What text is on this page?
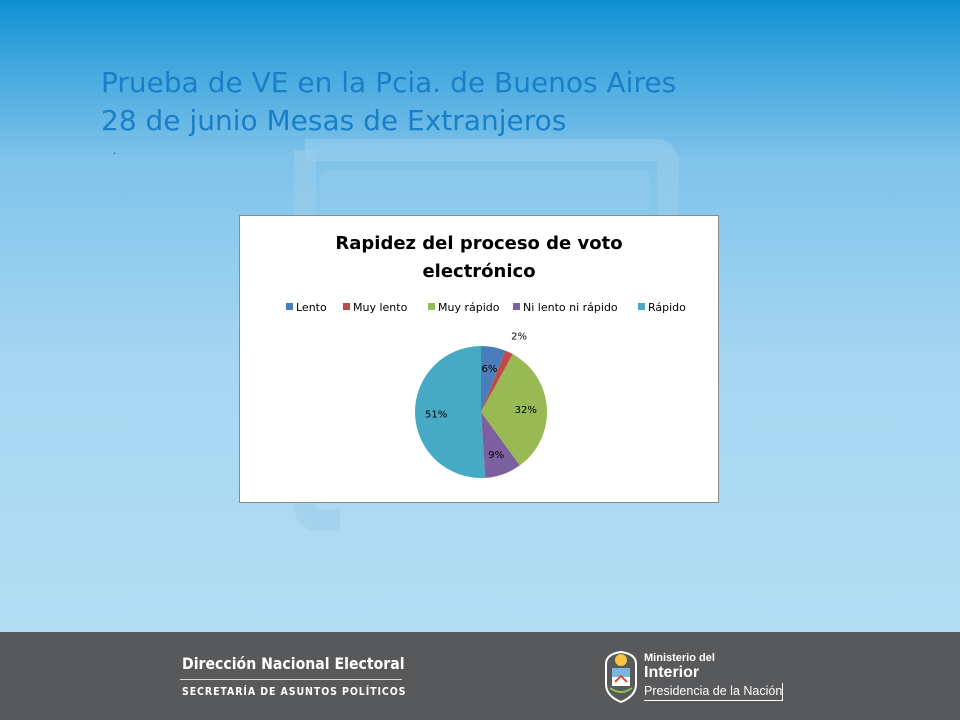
Prueba de VE en la Pcia. de Buenos Aires
28 de junio Mesas de Extranjeros
.
Rapidez del proceso de voto
electrónico
Lento Muy lento	Muy rápido Ni lento ni rápido	Rápido
6%
2%
32%
9%
51%
Dirección Nacional Electoral
SECRETARÍA DE ASUNTOS POLÍTICOS
Ministerio del
Interior
Presidencia de la Nación
